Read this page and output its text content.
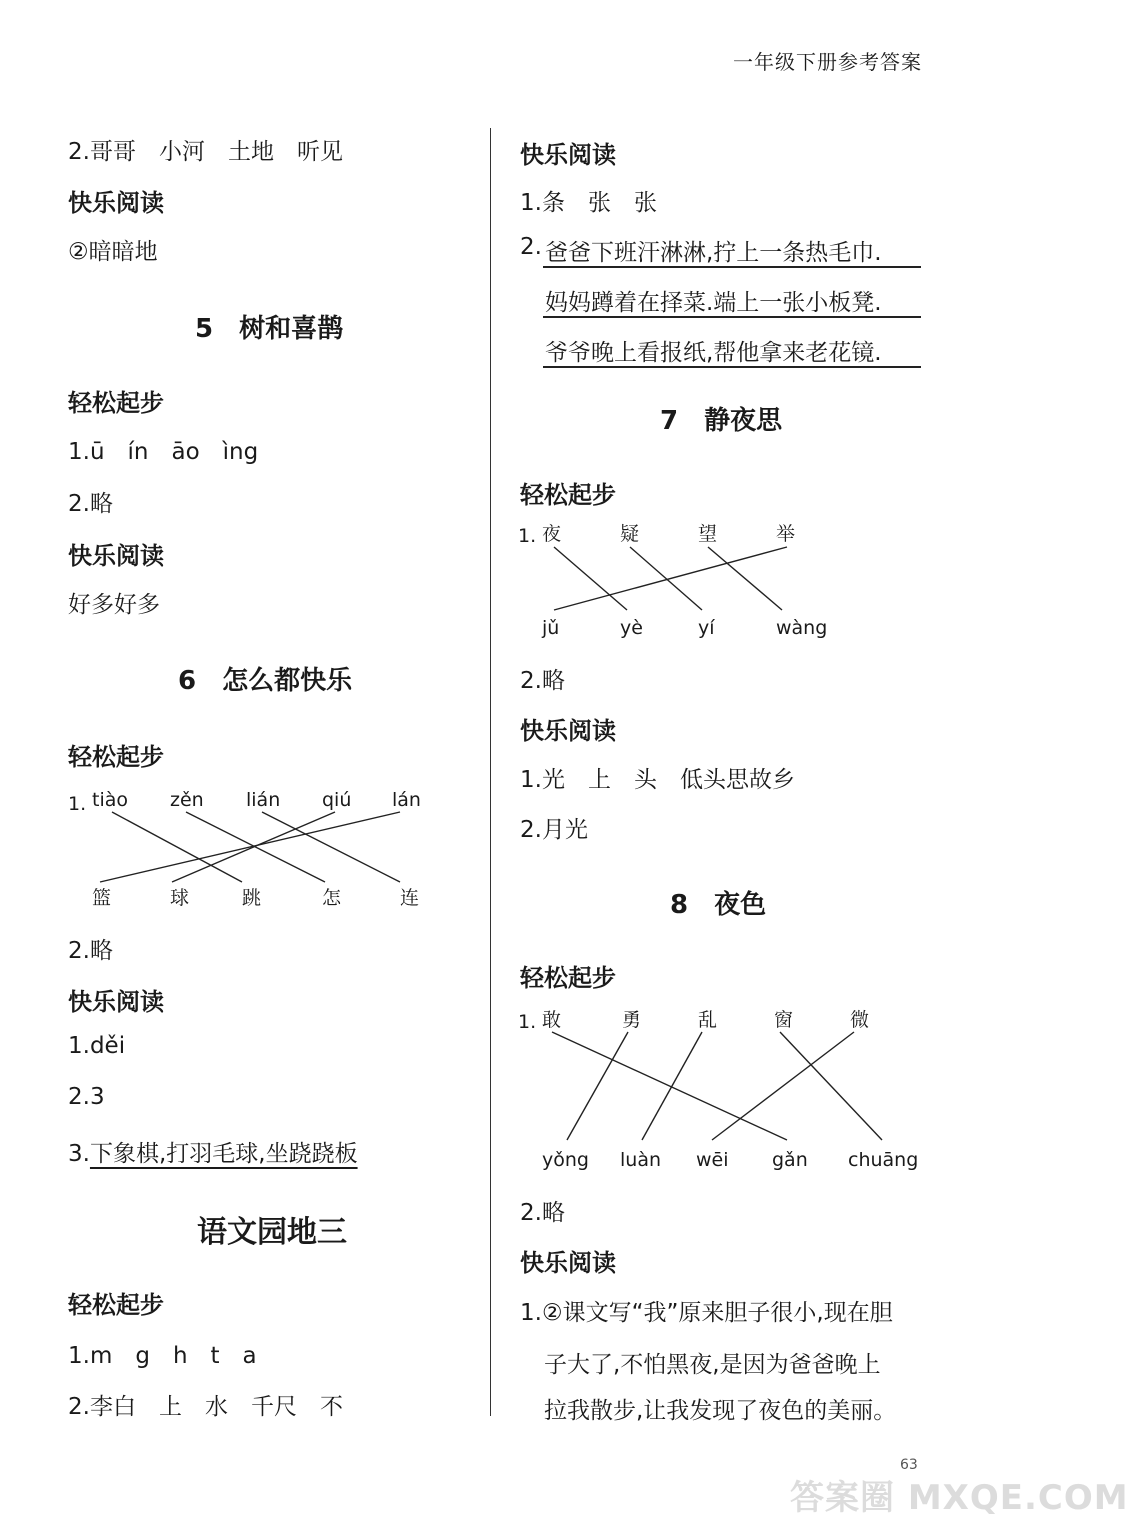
一年级下册参考答案
2.哥哥　小河　土地　听见
快乐阅读
②暗暗地
5　树和喜鹊
轻松起步
1.ū　ín　āo　ìng
2.略
快乐阅读
好多好多
6　怎么都快乐
轻松起步
1. tiào zěn lián qiú lán
篮	球	跳	怎	连
2.略
快乐阅读
1.děi
2.3
3.下象棋,打羽毛球,坐跷跷板
语文园地三
轻松起步
1.m　g　h　t　a
2.李白　上　水　千尺　不
快乐阅读
1.条　张　张
2. 爸爸下班汗淋淋,拧上一条热毛巾.
妈妈蹲着在择菜.端上一张小板凳.
爷爷晚上看报纸,帮他拿来老花镜.
7　静夜思
轻松起步
1. 夜	疑	望	举
jǔ	yè	yí	wàng
2.略
快乐阅读
1.光　上　头　低头思故乡
2.月光
8　夜色
轻松起步
1. 敢	勇	乱	窗	微
yǒng luàn wēi gǎn chuāng
2.略
快乐阅读
1.②课文写“我”原来胆子很小,现在胆
子大了,不怕黑夜,是因为爸爸晚上
拉我散步,让我发现了夜色的美丽。
63
答案圈 MXQE.COM
